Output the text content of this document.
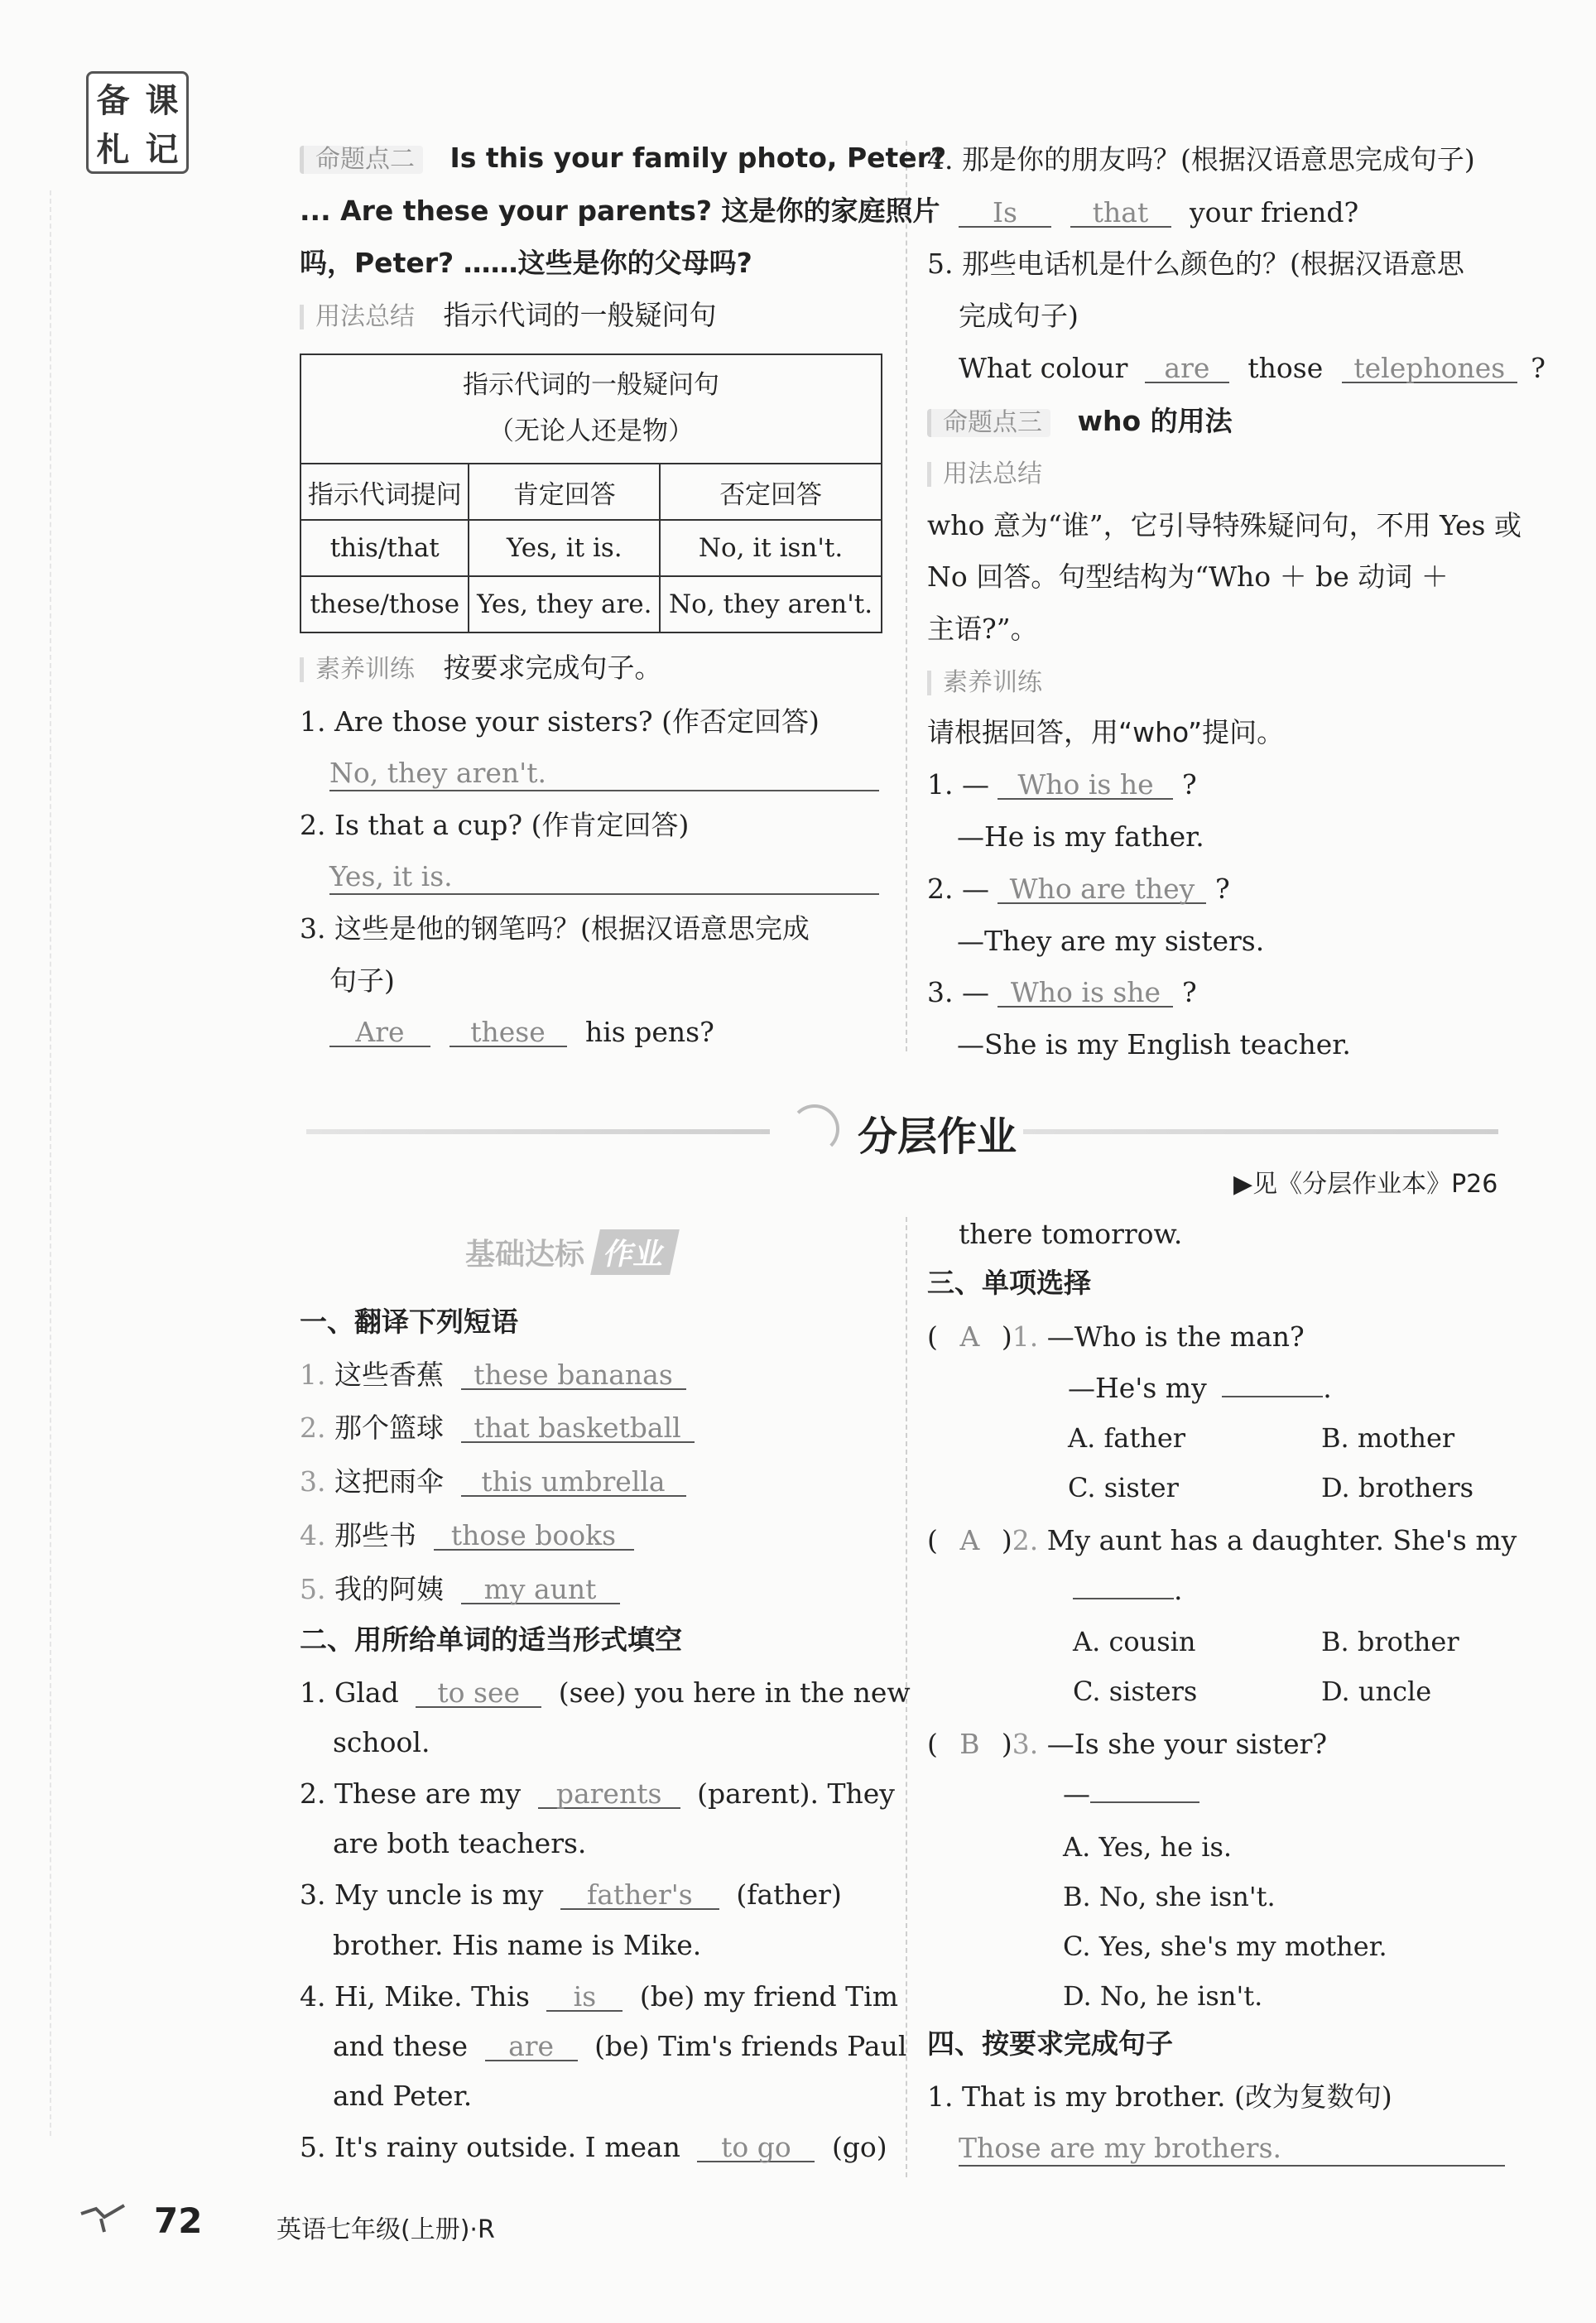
备 课
札 记	命题点二 Is this your family photo, Peter?
... Are these your parents? 这是你的家庭照片
吗，Peter? ……这些是你的父母吗?
用法总结 指示代词的一般疑问句
指示代词的一般疑问句
（无论人还是物）		
指示代词提问	肯定回答	否定回答
this/that	Yes, it is.	No, it isn't.
these/those	Yes, they are.	No, they aren't.
素养训练 按要求完成句子。
1. Are those your sisters? (作否定回答)
No, they aren't.
2. Is that a cup? (作肯定回答)
Yes, it is.
3. 这些是他的钢笔吗？(根据汉语意思完成
句子)
Are these his pens?
4. 那是你的朋友吗？(根据汉语意思完成句子)
Is	that your friend?
5. 那些电话机是什么颜色的？(根据汉语意思
完成句子)
What colour are those telephones ?
命题点三 who 的用法
用法总结
who 意为“谁”，它引导特殊疑问句，不用 Yes 或
No 回答。句型结构为“Who ＋ be 动词 ＋
主语?”。
素养训练
请根据回答，用“who”提问。
1. — Who is he ?
—He is my father.
2. — Who are they ?
—They are my sisters.
3. — Who is she ?
—She is my English teacher.
分层作业
▶见《分层作业本》P26
基础达标 作业
一、翻译下列短语
1. 这些香蕉 these bananas
2. 那个篮球 that basketball
3. 这把雨伞 this umbrella
4. 那些书 those books
5. 我的阿姨 my aunt
二、用所给单词的适当形式填空
1. Glad to see (see) you here in the new
school.
2. These are my parents (parent). They
are both teachers.
3. My uncle is my father's (father)
brother. His name is Mike.
4. Hi, Mike. This is (be) my friend Tim
and these are (be) Tim's friends Paul
and Peter.
5. It's rainy outside. I mean to go (go)
there tomorrow.
三、单项选择
( A )1. —Who is the man?
—He's my	.
A. father	B. mother
C. sister	D. brothers
( A )2. My aunt has a daughter. She's my
.
A. cousin	B. brother
C. sisters	D. uncle
( B )3. —Is she your sister?
—
A. Yes, he is.
B. No, she isn't.
C. Yes, she's my mother.
D. No, he isn't.
四、按要求完成句子
1. That is my brother. (改为复数句)
Those are my brothers.
72	英语七年级(上册)·R
